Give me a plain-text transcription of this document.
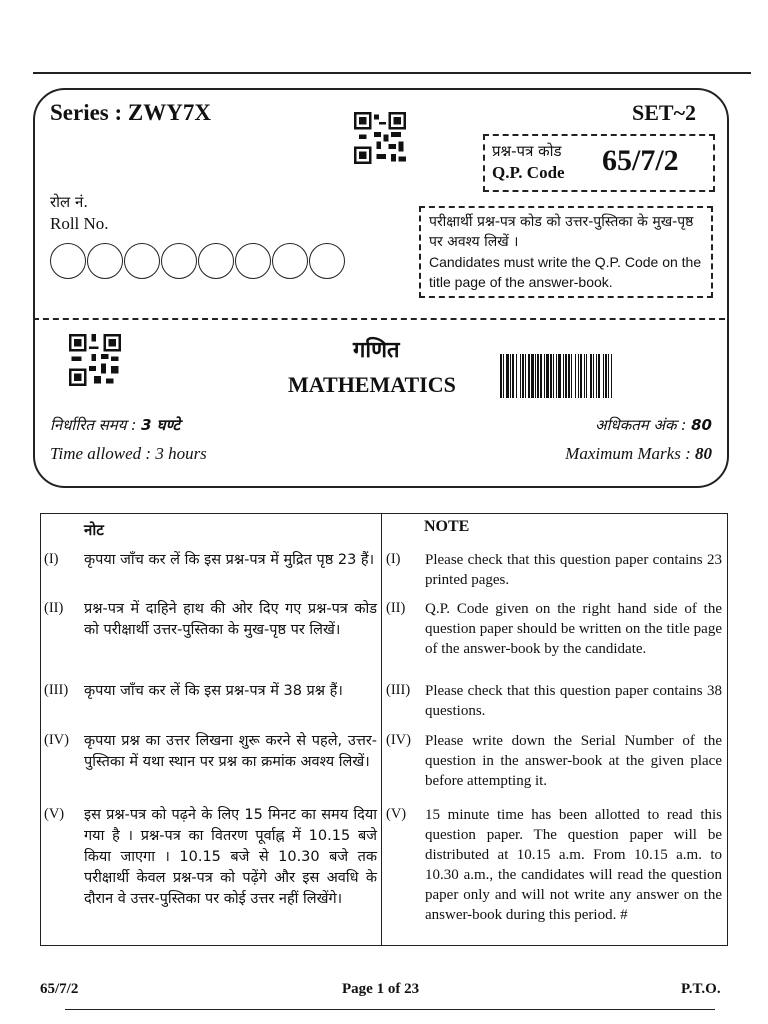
Series : ZWY7X	SET~2
प्रश्न-पत्र कोड
Q.P. Code 65/7/2
रोल नं.
Roll No.	परीक्षार्थी प्रश्न-पत्र कोड को उत्तर-पुस्तिका के मुख-पृष्ठ पर अवश्य लिखें ।
Candidates must write the Q.P. Code on the title page of the answer-book.
गणित
MATHEMATICS
निर्धारित समय : 3 घण्टे
Time allowed : 3 hours
अधिकतम अंक : 80
Maximum Marks : 80
नोट	NOTE
(I) कृपया जाँच कर लें कि इस प्रश्न-पत्र में मुद्रित पृष्ठ 23 हैं। (I) Please check that this question paper contains 23 printed pages.
(II) प्रश्न-पत्र में दाहिने हाथ की ओर दिए गए प्रश्न-पत्र कोड को परीक्षार्थी उत्तर-पुस्तिका के मुख-पृष्ठ पर लिखें।
(II) Q.P. Code given on the right hand side of the question paper should be written on the title page of the answer-book by the candidate.
(III) कृपया जाँच कर लें कि इस प्रश्न-पत्र में 38 प्रश्न हैं।	(III) Please check that this question paper contains 38 questions.
(IV) कृपया प्रश्न का उत्तर लिखना शुरू करने से पहले, उत्तर-पुस्तिका में यथा स्थान पर प्रश्न का क्रमांक अवश्य लिखें।
(IV) Please write down the Serial Number of the question in the answer-book at the given place before attempting it.
(V) इस प्रश्न-पत्र को पढ़ने के लिए 15 मिनट का समय दिया गया है । प्रश्न-पत्र का वितरण पूर्वाह्न में 10.15 बजे किया जाएगा । 10.15 बजे से 10.30 बजे तक परीक्षार्थी केवल प्रश्न-पत्र को पढ़ेंगे और इस अवधि के दौरान वे उत्तर-पुस्तिका पर कोई उत्तर नहीं लिखेंगे।
(V) 15 minute time has been allotted to read this question paper. The question paper will be distributed at 10.15 a.m. From 10.15 a.m. to 10.30 a.m., the candidates will read the question paper only and will not write any answer on the answer-book during this period. #
65/7/2	Page 1 of 23	P.T.O.
